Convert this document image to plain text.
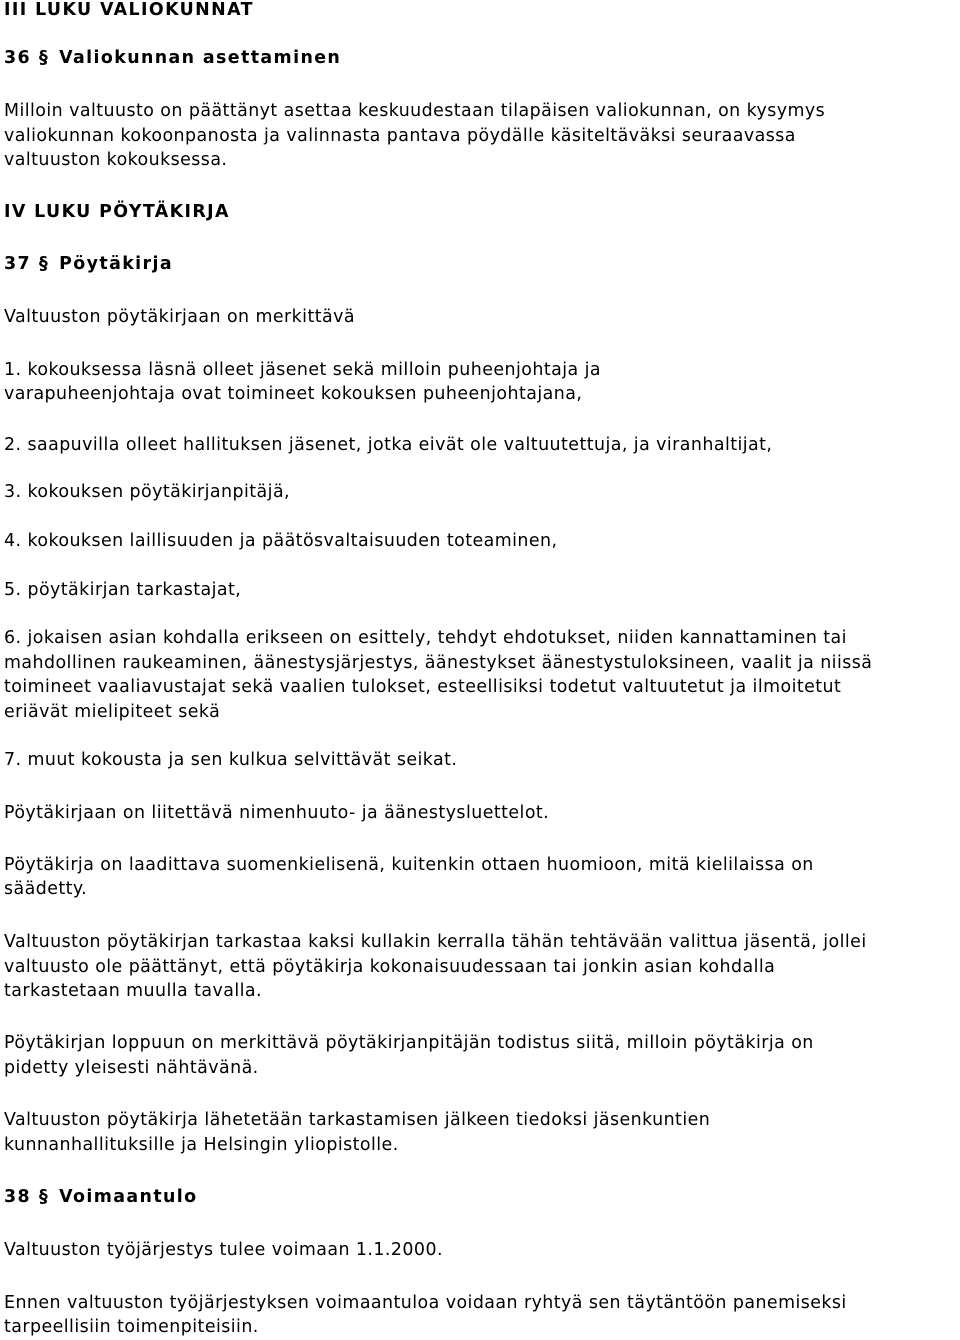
III LUKU VALIOKUNNAT
36 § Valiokunnan asettaminen
Milloin valtuusto on päättänyt asettaa keskuudestaan tilapäisen valiokunnan, on kysymys
valiokunnan kokoonpanosta ja valinnasta pantava pöydälle käsiteltäväksi seuraavassa
valtuuston kokouksessa.
IV LUKU PÖYTÄKIRJA
37 § Pöytäkirja
Valtuuston pöytäkirjaan on merkittävä
1. kokouksessa läsnä olleet jäsenet sekä milloin puheenjohtaja ja
varapuheenjohtaja ovat toimineet kokouksen puheenjohtajana,
2. saapuvilla olleet hallituksen jäsenet, jotka eivät ole valtuutettuja, ja viranhaltijat,
3. kokouksen pöytäkirjanpitäjä,
4. kokouksen laillisuuden ja päätösvaltaisuuden toteaminen,
5. pöytäkirjan tarkastajat,
6. jokaisen asian kohdalla erikseen on esittely, tehdyt ehdotukset, niiden kannattaminen tai
mahdollinen raukeaminen, äänestysjärjestys, äänestykset äänestystuloksineen, vaalit ja niissä
toimineet vaaliavustajat sekä vaalien tulokset, esteellisiksi todetut valtuutetut ja ilmoitetut
eriävät mielipiteet sekä
7. muut kokousta ja sen kulkua selvittävät seikat.
Pöytäkirjaan on liitettävä nimenhuuto- ja äänestysluettelot.
Pöytäkirja on laadittava suomenkielisenä, kuitenkin ottaen huomioon, mitä kielilaissa on
säädetty.
Valtuuston pöytäkirjan tarkastaa kaksi kullakin kerralla tähän tehtävään valittua jäsentä, jollei
valtuusto ole päättänyt, että pöytäkirja kokonaisuudessaan tai jonkin asian kohdalla
tarkastetaan muulla tavalla.
Pöytäkirjan loppuun on merkittävä pöytäkirjanpitäjän todistus siitä, milloin pöytäkirja on
pidetty yleisesti nähtävänä.
Valtuuston pöytäkirja lähetetään tarkastamisen jälkeen tiedoksi jäsenkuntien
kunnanhallituksille ja Helsingin yliopistolle.
38 § Voimaantulo
Valtuuston työjärjestys tulee voimaan 1.1.2000.
Ennen valtuuston työjärjestyksen voimaantuloa voidaan ryhtyä sen täytäntöön panemiseksi
tarpeellisiin toimenpiteisiin.
